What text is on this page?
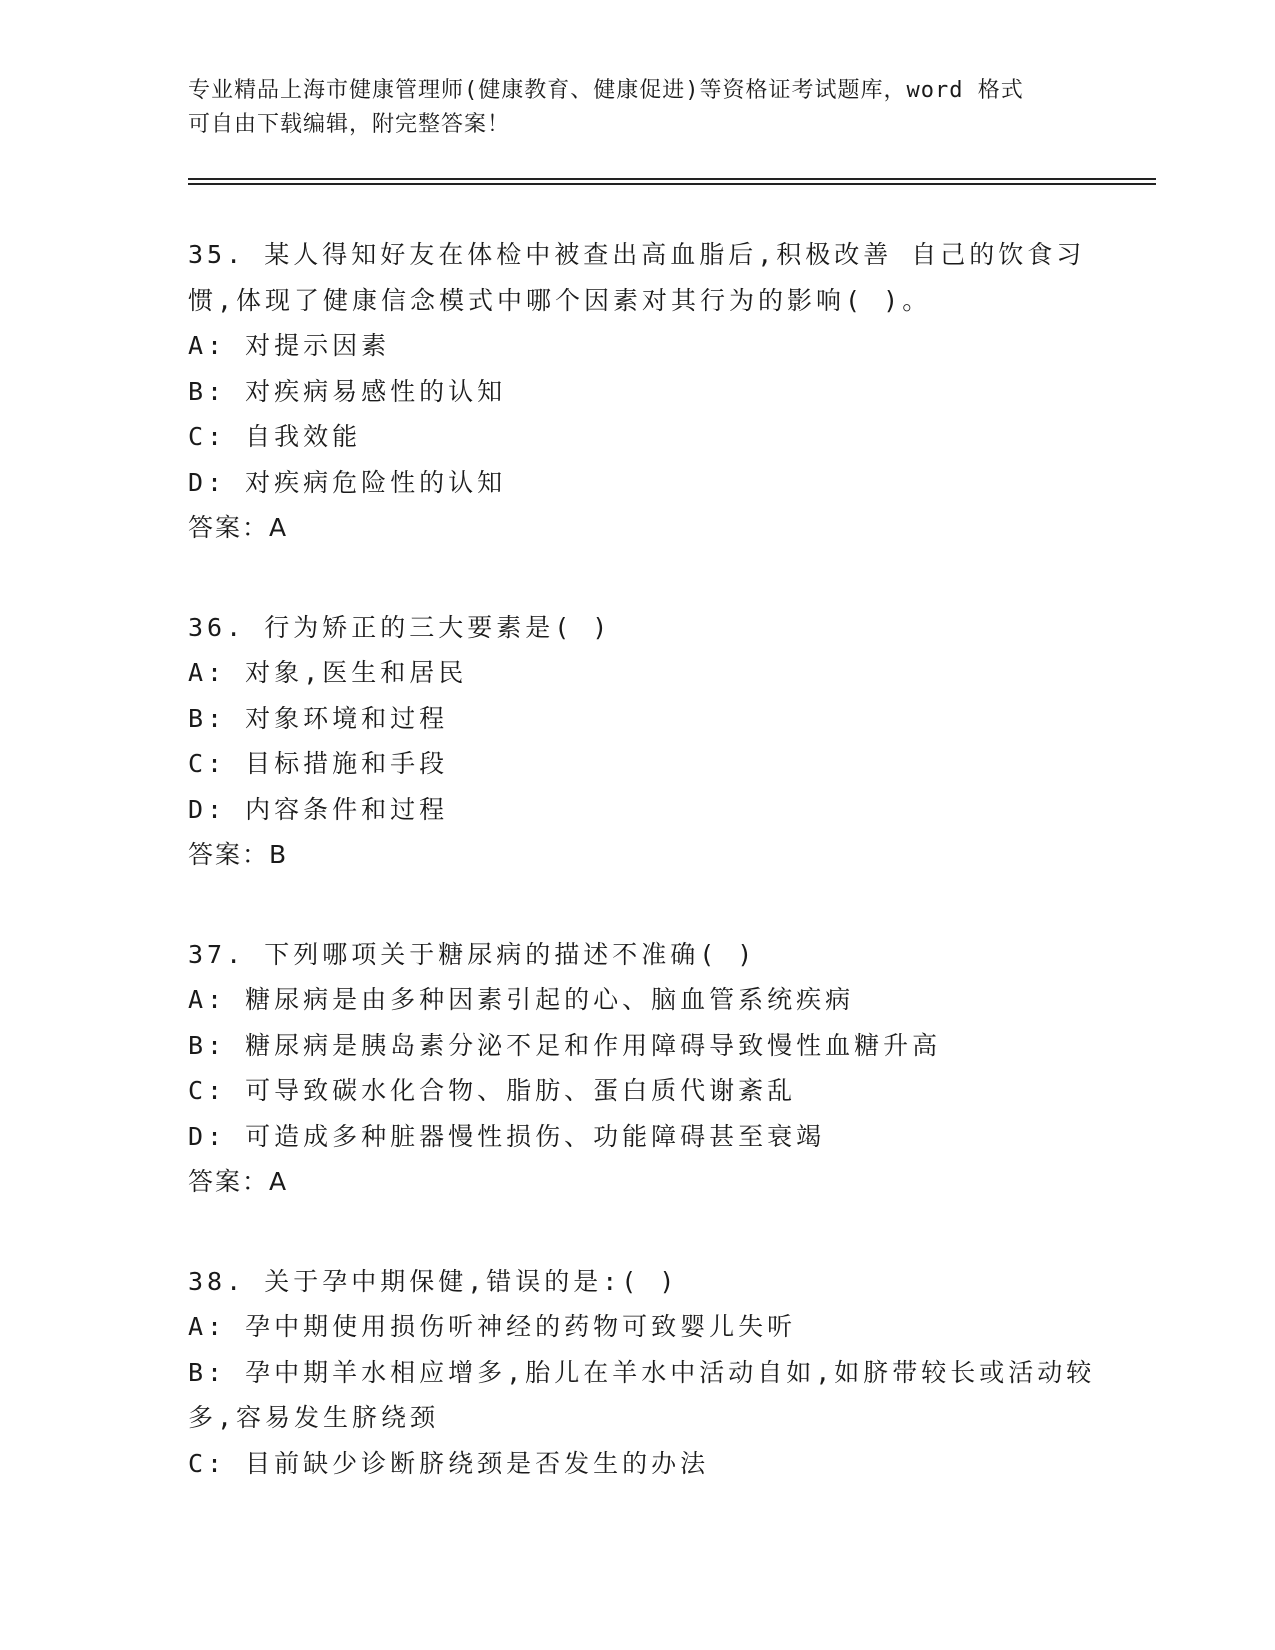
专业精品上海市健康管理师(健康教育、健康促进)等资格证考试题库，word 格式
可自由下载编辑，附完整答案！
35. 某人得知好友在体检中被查出高血脂后,积极改善 自己的饮食习
惯,体现了健康信念模式中哪个因素对其行为的影响( )。
A: 对提示因素
B: 对疾病易感性的认知
C: 自我效能
D: 对疾病危险性的认知
答案：A
36. 行为矫正的三大要素是( )
A: 对象,医生和居民
B: 对象环境和过程
C: 目标措施和手段
D: 内容条件和过程
答案：B
37. 下列哪项关于糖尿病的描述不准确( )
A: 糖尿病是由多种因素引起的心、脑血管系统疾病
B: 糖尿病是胰岛素分泌不足和作用障碍导致慢性血糖升高
C: 可导致碳水化合物、脂肪、蛋白质代谢紊乱
D: 可造成多种脏器慢性损伤、功能障碍甚至衰竭
答案：A
38. 关于孕中期保健,错误的是:( )
A: 孕中期使用损伤听神经的药物可致婴儿失听
B: 孕中期羊水相应增多,胎儿在羊水中活动自如,如脐带较长或活动较
多,容易发生脐绕颈
C: 目前缺少诊断脐绕颈是否发生的办法
